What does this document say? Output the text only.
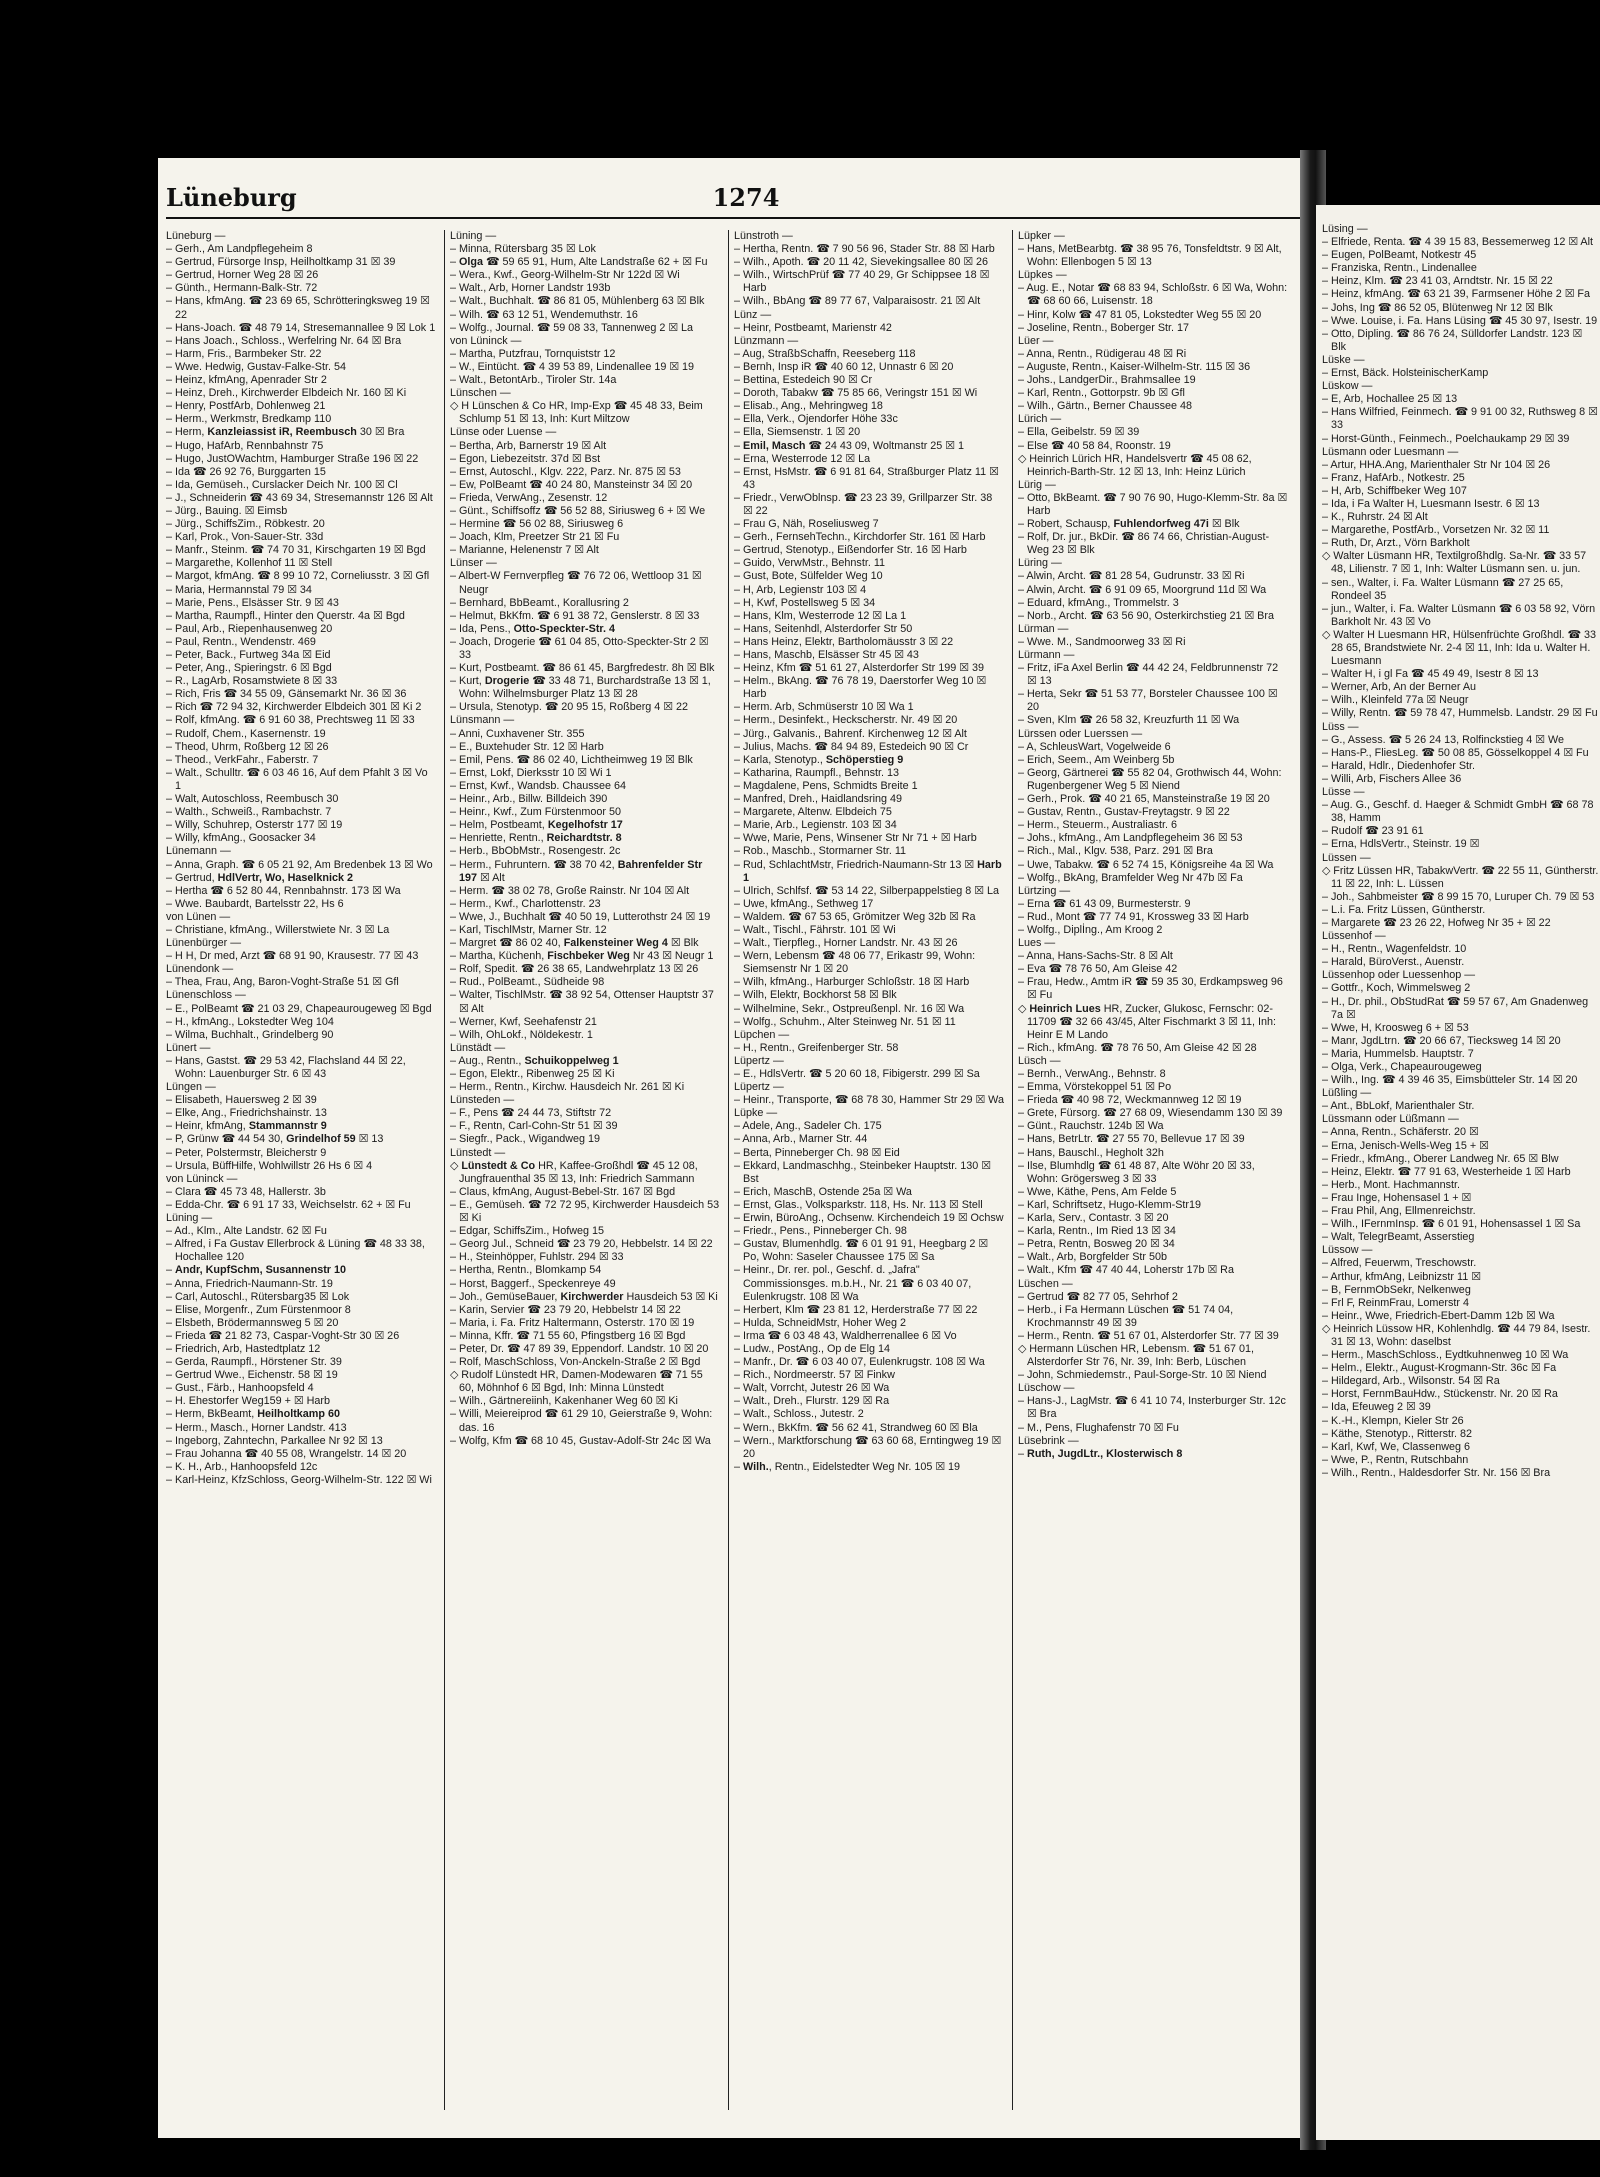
Lüneburg	1274

Lüneburg —

– Gerh., Am Landpflegeheim 8

– Gertrud, Fürsorge Insp, Heilholtkamp 31 ☒ 39

– Gertrud, Horner Weg 28 ☒ 26

– Günth., Hermann-Balk-Str. 72

– Hans, kfmAng. ☎ 23 69 65, Schrötteringksweg 19 ☒ 22

– Hans-Joach. ☎ 48 79 14, Stresemannallee 9 ☒ Lok 1

– Hans Joach., Schloss., Werfelring Nr. 64 ☒ Bra

– Harm, Fris., Barmbeker Str. 22

– Wwe. Hedwig, Gustav-Falke-Str. 54

– Heinz, kfmAng, Apenrader Str 2

– Heinz, Dreh., Kirchwerder Elbdeich Nr. 160 ☒ Ki

– Henry, PostfArb, Dohlenweg 21

– Herm., Werkmstr, Bredkamp 110

– Herm, Kanzleiassist iR, Reembusch 30 ☒ Bra

– Hugo, HafArb, Rennbahnstr 75

– Hugo, JustOWachtm, Hamburger Straße 196 ☒ 22

– Ida ☎ 26 92 76, Burggarten 15

– Ida, Gemüseh., Curslacker Deich Nr. 100 ☒ Cl

– J., Schneiderin ☎ 43 69 34, Stresemannstr 126 ☒ Alt

– Jürg., Bauing. ☒ Eimsb

– Jürg., SchiffsZim., Röbkestr. 20

– Karl, Prok., Von-Sauer-Str. 33d

– Manfr., Steinm. ☎ 74 70 31, Kirschgarten 19 ☒ Bgd

– Margarethe, Kollenhof 11 ☒ Stell

– Margot, kfmAng. ☎ 8 99 10 72, Corneliusstr. 3 ☒ Gfl

– Maria, Hermannstal 79 ☒ 34

– Marie, Pens., Elsässer Str. 9 ☒ 43

– Martha, Raumpfl., Hinter den Querstr. 4a ☒ Bgd

– Paul, Arb., Riepenhausenweg 20

– Paul, Rentn., Wendenstr. 469

– Peter, Back., Furtweg 34a ☒ Eid

– Peter, Ang., Spieringstr. 6 ☒ Bgd

– R., LagArb, Rosamstwiete 8 ☒ 33

– Rich, Fris ☎ 34 55 09, Gänsemarkt Nr. 36 ☒ 36

– Rich ☎ 72 94 32, Kirchwerder Elbdeich 301 ☒ Ki 2

– Rolf, kfmAng. ☎ 6 91 60 38, Prechtsweg 11 ☒ 33

– Rudolf, Chem., Kasernenstr. 19

– Theod, Uhrm, Roßberg 12 ☒ 26

– Theod., VerkFahr., Faberstr. 7

– Walt., Schulltr. ☎ 6 03 46 16, Auf dem Pfahlt 3 ☒ Vo 1

– Walt, Autoschloss, Reembusch 30

– Walth., Schweiß., Rambachstr. 7

– Willy, Schuhrep, Osterstr 177 ☒ 19

– Willy, kfmAng., Goosacker 34

Lünemann —

– Anna, Graph. ☎ 6 05 21 92, Am Bredenbek 13 ☒ Wo

– Gertrud, HdlVertr, Wo, Haselknick 2

– Hertha ☎ 6 52 80 44, Rennbahnstr. 173 ☒ Wa

– Wwe. Baubardt, Bartelsstr 22, Hs 6

von Lünen —

– Christiane, kfmAng., Willerstwiete Nr. 3 ☒ La

Lünenbürger —

– H H, Dr med, Arzt ☎ 68 91 90, Krausestr. 77 ☒ 43

Lünendonk —

– Thea, Frau, Ang, Baron-Voght-Straße 51 ☒ Gfl

Lünenschloss —

– E., PolBeamt ☎ 21 03 29, Chapeaurougeweg ☒ Bgd

– H., kfmAng., Lokstedter Weg 104

– Wilma, Buchhalt., Grindelberg 90

Lünert —

– Hans, Gastst. ☎ 29 53 42, Flachsland 44 ☒ 22, Wohn: Lauenburger Str. 6 ☒ 43

Lüngen —

– Elisabeth, Hauersweg 2 ☒ 39

– Elke, Ang., Friedrichshainstr. 13

– Heinr, kfmAng, Stammannstr 9

– P, Grünw ☎ 44 54 30, Grindelhof 59 ☒ 13

– Peter, Polstermstr, Bleicherstr 9

– Ursula, BüffHilfe, Wohlwillstr 26 Hs 6 ☒ 4

von Lüninck —

– Clara ☎ 45 73 48, Hallerstr. 3b

– Edda-Chr. ☎ 6 91 17 33, Weichselstr. 62 + ☒ Fu

Lüning —

– Ad., Klm., Alte Landstr. 62 ☒ Fu

– Alfred, i Fa Gustav Ellerbrock & Lüning ☎ 48 33 38, Hochallee 120

– Andr, KupfSchm, Susannenstr 10

– Anna, Friedrich-Naumann-Str. 19

– Carl, Autoschl., Rütersbarg35 ☒ Lok

– Elise, Morgenfr., Zum Fürstenmoor 8

– Elsbeth, Brödermannsweg 5 ☒ 20

– Frieda ☎ 21 82 73, Caspar-Voght-Str 30 ☒ 26

– Friedrich, Arb, Hastedtplatz 12

– Gerda, Raumpfl., Hörstener Str. 39

– Gertrud Wwe., Eichenstr. 58 ☒ 19

– Gust., Färb., Hanhoopsfeld 4

– H. Ehestorfer Weg159 + ☒ Harb

– Herm, BkBeamt, Heilholtkamp 60

– Herm., Masch., Horner Landstr. 413

– Ingeborg, Zahntechn, Parkallee Nr 92 ☒ 13

– Frau Johanna ☎ 40 55 08, Wrangelstr. 14 ☒ 20

– K. H., Arb., Hanhoopsfeld 12c

– Karl-Heinz, KfzSchloss, Georg-Wilhelm-Str. 122 ☒ Wi

Lüning —

– Minna, Rütersbarg 35 ☒ Lok

– Olga ☎ 59 65 91, Hum, Alte Landstraße 62 + ☒ Fu

– Wera., Kwf., Georg-Wilhelm-Str Nr 122d ☒ Wi

– Walt., Arb, Horner Landstr 193b

– Walt., Buchhalt. ☎ 86 81 05, Mühlenberg 63 ☒ Blk

– Wilh. ☎ 63 12 51, Wendemuthstr. 16

– Wolfg., Journal. ☎ 59 08 33, Tannenweg 2 ☒ La

von Lüninck —

– Martha, Putzfrau, Tornquiststr 12

– W., Eintücht. ☎ 4 39 53 89, Lindenallee 19 ☒ 19

– Walt., BetontArb., Tiroler Str. 14a

Lünschen —

◇ H Lünschen & Co HR, Imp-Exp ☎ 45 48 33, Beim Schlump 51 ☒ 13, Inh: Kurt Miltzow

Lünse oder Luense —

– Bertha, Arb, Barnerstr 19 ☒ Alt

– Egon, Liebezeitstr. 37d ☒ Bst

– Ernst, Autoschl., Klgv. 222, Parz. Nr. 875 ☒ 53

– Ew, PolBeamt ☎ 40 24 80, Mansteinstr 34 ☒ 20

– Frieda, VerwAng., Zesenstr. 12

– Günt., Schiffsoffz ☎ 56 52 88, Siriusweg 6 + ☒ We

– Hermine ☎ 56 02 88, Siriusweg 6

– Joach, Klm, Preetzer Str 21 ☒ Fu

– Marianne, Helenenstr 7 ☒ Alt

Lünser —

– Albert-W Fernverpfleg ☎ 76 72 06, Wettloop 31 ☒ Neugr

– Bernhard, BbBeamt., Korallusring 2

– Helmut, BkKfm. ☎ 6 91 38 72, Genslerstr. 8 ☒ 33

– Ida, Pens., Otto-Speckter-Str. 4

– Joach, Drogerie ☎ 61 04 85, Otto-Speckter-Str 2 ☒ 33

– Kurt, Postbeamt. ☎ 86 61 45, Bargfredestr. 8h ☒ Blk

– Kurt, Drogerie ☎ 33 48 71, Burchardstraße 13 ☒ 1, Wohn: Wilhelmsburger Platz 13 ☒ 28

– Ursula, Stenotyp. ☎ 20 95 15, Roßberg 4 ☒ 22

Lünsmann —

– Anni, Cuxhavener Str. 355

– E., Buxtehuder Str. 12 ☒ Harb

– Emil, Pens. ☎ 86 02 40, Lichtheimweg 19 ☒ Blk

– Ernst, Lokf, Dierksstr 10 ☒ Wi 1

– Ernst, Kwf., Wandsb. Chaussee 64

– Heinr., Arb., Billw. Billdeich 390

– Heinr., Kwf., Zum Fürstenmoor 50

– Helm, Postbeamt, Kegelhofstr 17

– Henriette, Rentn., Reichardtstr. 8

– Herb., BbObMstr., Rosengestr. 2c

– Herm., Fuhruntern. ☎ 38 70 42, Bahrenfelder Str 197 ☒ Alt

– Herm. ☎ 38 02 78, Große Rainstr. Nr 104 ☒ Alt

– Herm., Kwf., Charlottenstr. 23

– Wwe, J., Buchhalt ☎ 40 50 19, Lutterothstr 24 ☒ 19

– Karl, TischlMstr, Marner Str. 12

– Margret ☎ 86 02 40, Falkensteiner Weg 4 ☒ Blk

– Martha, Küchenh, Fischbeker Weg Nr 43 ☒ Neugr 1

– Rolf, Spedit. ☎ 26 38 65, Landwehrplatz 13 ☒ 26

– Rud., PolBeamt., Südheide 98

– Walter, TischlMstr. ☎ 38 92 54, Ottenser Hauptstr 37 ☒ Alt

– Werner, Kwf, Seehafenstr 21

– Wilh, OhLokf., Nöldekestr. 1

Lünstädt —

– Aug., Rentn., Schuikoppelweg 1

– Egon, Elektr., Ribenweg 25 ☒ Ki

– Herm., Rentn., Kirchw. Hausdeich Nr. 261 ☒ Ki

Lünsteden —

– F., Pens ☎ 24 44 73, Stiftstr 72

– F., Rentn, Carl-Cohn-Str 51 ☒ 39

– Siegfr., Pack., Wigandweg 19

Lünstedt —

◇ Lünstedt & Co HR, Kaffee-Großhdl ☎ 45 12 08, Jungfrauenthal 35 ☒ 13, Inh: Friedrich Sammann

– Claus, kfmAng, August-Bebel-Str. 167 ☒ Bgd

– E., Gemüseh. ☎ 72 72 95, Kirchwerder Hausdeich 53 ☒ Ki

– Edgar, SchiffsZim., Hofweg 15

– Georg Jul., Schneid ☎ 23 79 20, Hebbelstr. 14 ☒ 22

– H., Steinhöpper, Fuhlstr. 294 ☒ 33

– Hertha, Rentn., Blomkamp 54

– Horst, Baggerf., Speckenreye 49

– Joh., GemüseBauer, Kirchwerder Hausdeich 53 ☒ Ki

– Karin, Servier ☎ 23 79 20, Hebbelstr 14 ☒ 22

– Maria, i. Fa. Fritz Haltermann, Osterstr. 170 ☒ 19

– Minna, Kffr. ☎ 71 55 60, Pfingstberg 16 ☒ Bgd

– Peter, Dr. ☎ 47 89 39, Eppendorf. Landstr. 10 ☒ 20

– Rolf, MaschSchloss, Von-Anckeln-Straße 2 ☒ Bgd

◇ Rudolf Lünstedt HR, Damen-Modewaren ☎ 71 55 60, Möhnhof 6 ☒ Bgd, Inh: Minna Lünstedt

– Wilh., Gärtnereiinh, Kakenhaner Weg 60 ☒ Ki

– Willi, Meiereiprod ☎ 61 29 10, Geierstraße 9, Wohn: das. 16

– Wolfg, Kfm ☎ 68 10 45, Gustav-Adolf-Str 24c ☒ Wa

Lünstroth —

– Hertha, Rentn. ☎ 7 90 56 96, Stader Str. 88 ☒ Harb

– Wilh., Apoth. ☎ 20 11 42, Sievekingsallee 80 ☒ 26

– Wilh., WirtschPrüf ☎ 77 40 29, Gr Schippsee 18 ☒ Harb

– Wilh., BbAng ☎ 89 77 67, Valparaisostr. 21 ☒ Alt

Lünz —

– Heinr, Postbeamt, Marienstr 42

Lünzmann —

– Aug, StraßbSchaffn, Reeseberg 118

– Bernh, Insp iR ☎ 40 60 12, Unnastr 6 ☒ 20

– Bettina, Estedeich 90 ☒ Cr

– Doroth, Tabakw ☎ 75 85 66, Veringstr 151 ☒ Wi

– Elisab., Ang., Mehringweg 18

– Ella, Verk., Ojendorfer Höhe 33c

– Ella, Siemsenstr. 1 ☒ 20

– Emil, Masch ☎ 24 43 09, Woltmanstr 25 ☒ 1

– Erna, Westerrode 12 ☒ La

– Ernst, HsMstr. ☎ 6 91 81 64, Straßburger Platz 11 ☒ 43

– Friedr., VerwOblnsp. ☎ 23 23 39, Grillparzer Str. 38 ☒ 22

– Frau G, Näh, Roseliusweg 7

– Gerh., FernsehTechn., Kirchdorfer Str. 161 ☒ Harb

– Gertrud, Stenotyp., Eißendorfer Str. 16 ☒ Harb

– Guido, VerwMstr., Behnstr. 11

– Gust, Bote, Sülfelder Weg 10

– H, Arb, Legienstr 103 ☒ 4

– H, Kwf, Postellsweg 5 ☒ 34

– Hans, Klm, Westerrode 12 ☒ La 1

– Hans, Seitenhdl, Alsterdorfer Str 50

– Hans Heinz, Elektr, Bartholomäusstr 3 ☒ 22

– Hans, Maschb, Elsässer Str 45 ☒ 43

– Heinz, Kfm ☎ 51 61 27, Alsterdorfer Str 199 ☒ 39

– Helm., BkAng. ☎ 76 78 19, Daerstorfer Weg 10 ☒ Harb

– Herm. Arb, Schmüserstr 10 ☒ Wa 1

– Herm., Desinfekt., Heckscherstr. Nr. 49 ☒ 20

– Jürg., Galvanis., Bahrenf. Kirchenweg 12 ☒ Alt

– Julius, Machs. ☎ 84 94 89, Estedeich 90 ☒ Cr

– Karla, Stenotyp., Schöperstieg 9

– Katharina, Raumpfl., Behnstr. 13

– Magdalene, Pens, Schmidts Breite 1

– Manfred, Dreh., Haidlandsring 49

– Margarete, Altenw. Elbdeich 75

– Marie, Arb., Legienstr. 103 ☒ 34

– Wwe, Marie, Pens, Winsener Str Nr 71 + ☒ Harb

– Rob., Maschb., Stormarner Str. 11

– Rud, SchlachtMstr, Friedrich-Naumann-Str 13 ☒ Harb 1

– Ulrich, Schlfsf. ☎ 53 14 22, Silberpappelstieg 8 ☒ La

– Uwe, kfmAng., Sethweg 17

– Waldem. ☎ 67 53 65, Grömitzer Weg 32b ☒ Ra

– Walt., Tischl., Fährstr. 101 ☒ Wi

– Walt., Tierpfleg., Horner Landstr. Nr. 43 ☒ 26

– Wern, Lebensm ☎ 48 06 77, Erikastr 99, Wohn: Siemsenstr Nr 1 ☒ 20

– Wilh, kfmAng., Harburger Schloßstr. 18 ☒ Harb

– Wilh, Elektr, Bockhorst 58 ☒ Blk

– Wilhelmine, Sekr., Ostpreußenpl. Nr. 16 ☒ Wa

– Wolfg., Schuhm., Alter Steinweg Nr. 51 ☒ 11

Lüpchen —

– H., Rentn., Greifenberger Str. 58

Lüpertz —

– E., HdlsVertr. ☎ 5 20 60 18, Fibigerstr. 299 ☒ Sa

Lüpertz —

– Heinr., Transporte, ☎ 68 78 30, Hammer Str 29 ☒ Wa

Lüpke —

– Adele, Ang., Sadeler Ch. 175

– Anna, Arb., Marner Str. 44

– Berta, Pinneberger Ch. 98 ☒ Eid

– Ekkard, Landmaschhg., Steinbeker Hauptstr. 130 ☒ Bst

– Erich, MaschB, Ostende 25a ☒ Wa

– Ernst, Glas., Volksparkstr. 118, Hs. Nr. 113 ☒ Stell

– Erwin, BüroAng., Ochsenw. Kirchendeich 19 ☒ Ochsw

– Friedr., Pens., Pinneberger Ch. 98

– Gustav, Blumenhdlg. ☎ 6 01 91 91, Heegbarg 2 ☒ Po, Wohn: Saseler Chaussee 175 ☒ Sa

– Heinr., Dr. rer. pol., Geschf. d. „Jafra" Commissionsges. m.b.H., Nr. 21 ☎ 6 03 40 07, Eulenkrugstr. 108 ☒ Wa

– Herbert, Klm ☎ 23 81 12, Herderstraße 77 ☒ 22

– Hulda, SchneidMstr, Hoher Weg 2

– Irma ☎ 6 03 48 43, Waldherrenallee 6 ☒ Vo

– Ludw., PostAng., Op de Elg 14

– Manfr., Dr. ☎ 6 03 40 07, Eulenkrugstr. 108 ☒ Wa

– Rich., Nordmeerstr. 57 ☒ Finkw

– Walt, Vorrcht, Jutestr 26 ☒ Wa

– Walt., Dreh., Flurstr. 129 ☒ Ra

– Walt., Schloss., Jutestr. 2

– Wern., BkKfm. ☎ 56 62 41, Strandweg 60 ☒ Bla

– Wern., Marktforschung ☎ 63 60 68, Erntingweg 19 ☒ 20

– Wilh., Rentn., Eidelstedter Weg Nr. 105 ☒ 19

Lüpker —

– Hans, MetBearbtg. ☎ 38 95 76, Tonsfeldtstr. 9 ☒ Alt, Wohn: Ellenbogen 5 ☒ 13

Lüpkes —

– Aug. E., Notar ☎ 68 83 94, Schloßstr. 6 ☒ Wa, Wohn: ☎ 68 60 66, Luisenstr. 18

– Hinr, Kolw ☎ 47 81 05, Lokstedter Weg 55 ☒ 20

– Joseline, Rentn., Boberger Str. 17

Lüer —

– Anna, Rentn., Rüdigerau 48 ☒ Ri

– Auguste, Rentn., Kaiser-Wilhelm-Str. 115 ☒ 36

– Johs., LandgerDir., Brahmsallee 19

– Karl, Rentn., Gottorpstr. 9b ☒ Gfl

– Wilh., Gärtn., Berner Chaussee 48

Lürich —

– Ella, Geibelstr. 59 ☒ 39

– Else ☎ 40 58 84, Roonstr. 19

◇ Heinrich Lürich HR, Handelsvertr ☎ 45 08 62, Heinrich-Barth-Str. 12 ☒ 13, Inh: Heinz Lürich

Lürig —

– Otto, BkBeamt. ☎ 7 90 76 90, Hugo-Klemm-Str. 8a ☒ Harb

– Robert, Schausp, Fuhlendorfweg 47i ☒ Blk

– Rolf, Dr. jur., BkDir. ☎ 86 74 66, Christian-August-Weg 23 ☒ Blk

Lüring —

– Alwin, Archt. ☎ 81 28 54, Gudrunstr. 33 ☒ Ri

– Alwin, Archt. ☎ 6 91 09 65, Moorgrund 11d ☒ Wa

– Eduard, kfmAng., Trommelstr. 3

– Norb., Archt. ☎ 63 56 90, Osterkirchstieg 21 ☒ Bra

Lürman —

– Wwe. M., Sandmoorweg 33 ☒ Ri

Lürmann —

– Fritz, iFa Axel Berlin ☎ 44 42 24, Feldbrunnenstr 72 ☒ 13

– Herta, Sekr ☎ 51 53 77, Borsteler Chaussee 100 ☒ 20

– Sven, Klm ☎ 26 58 32, Kreuzfurth 11 ☒ Wa

Lürssen oder Luerssen —

– A, SchleusWart, Vogelweide 6

– Erich, Seem., Am Weinberg 5b

– Georg, Gärtnerei ☎ 55 82 04, Grothwisch 44, Wohn: Rugenbergener Weg 5 ☒ Niend

– Gerh., Prok. ☎ 40 21 65, Mansteinstraße 19 ☒ 20

– Gustav, Rentn., Gustav-Freytagstr. 9 ☒ 22

– Herm., Steuerm., Australiastr. 6

– Johs., kfmAng., Am Landpflegeheim 36 ☒ 53

– Rich., Mal., Klgv. 538, Parz. 291 ☒ Bra

– Uwe, Tabakw. ☎ 6 52 74 15, Königsreihe 4a ☒ Wa

– Wolfg., BkAng, Bramfelder Weg Nr 47b ☒ Fa

Lürtzing —

– Erna ☎ 61 43 09, Burmesterstr. 9

– Rud., Mont ☎ 77 74 91, Krossweg 33 ☒ Harb

– Wolfg., Diplİng., Am Kroog 2

Lues —

– Anna, Hans-Sachs-Str. 8 ☒ Alt

– Eva ☎ 78 76 50, Am Gleise 42

– Frau, Hedw., Amtm iR ☎ 59 35 30, Erdkampsweg 96 ☒ Fu

◇ Heinrich Lues HR, Zucker, Glukosc, Fernschr: 02-11709 ☎ 32 66 43/45, Alter Fischmarkt 3 ☒ 11, Inh: Heinr E M Lando

– Rich., kfmAng. ☎ 78 76 50, Am Gleise 42 ☒ 28

Lüsch —

– Bernh., VerwAng., Behnstr. 8

– Emma, Vörstekoppel 51 ☒ Po

– Frieda ☎ 40 98 72, Weckmannweg 12 ☒ 19

– Grete, Fürsorg. ☎ 27 68 09, Wiesendamm 130 ☒ 39

– Günt., Rauchstr. 124b ☒ Wa

– Hans, BetrLtr. ☎ 27 55 70, Bellevue 17 ☒ 39

– Hans, Bauschl., Hegholt 32h

– Ilse, Blumhdlg ☎ 61 48 87, Alte Wöhr 20 ☒ 33, Wohn: Grögersweg 3 ☒ 33

– Wwe, Käthe, Pens, Am Felde 5

– Karl, Schriftsetz, Hugo-Klemm-Str19

– Karla, Serv., Contastr. 3 ☒ 20

– Karla, Rentn., Im Ried 13 ☒ 34

– Petra, Rentn, Bosweg 20 ☒ 34

– Walt., Arb, Borgfelder Str 50b

– Walt., Kfm ☎ 47 40 44, Loherstr 17b ☒ Ra

Lüschen —

– Gertrud ☎ 82 77 05, Sehrhof 2

– Herb., i Fa Hermann Lüschen ☎ 51 74 04, Krochmannstr 49 ☒ 39

– Herm., Rentn. ☎ 51 67 01, Alsterdorfer Str. 77 ☒ 39

◇ Hermann Lüschen HR, Lebensm. ☎ 51 67 01, Alsterdorfer Str 76, Nr. 39, Inh: Berb, Lüschen

– John, Schmiedemstr., Paul-Sorge-Str. 10 ☒ Niend

Lüschow —

– Hans-J., LagMstr. ☎ 6 41 10 74, Insterburger Str. 12c ☒ Bra

– M., Pens, Flughafenstr 70 ☒ Fu

Lüsebrink —

– Ruth, JugdLtr., Klosterwisch 8

Lüsing —

– Elfriede, Renta. ☎ 4 39 15 83, Bessemerweg 12 ☒ Alt

– Eugen, PolBeamt, Notkestr 45

– Franziska, Rentn., Lindenallee

– Heinz, Klm. ☎ 23 41 03, Arndtstr. Nr. 15 ☒ 22

– Heinz, kfmAng. ☎ 63 21 39, Farmsener Höhe 2 ☒ Fa

– Johs, Ing ☎ 86 52 05, Blütenweg Nr 12 ☒ Blk

– Wwe. Louise, i. Fa. Hans Lüsing ☎ 45 30 97, Isestr. 19

– Otto, Dipling. ☎ 86 76 24, Sülldorfer Landstr. 123 ☒ Blk

Lüske —

– Ernst, Bäck. HolsteinischerKamp

Lüskow —

– E, Arb, Hochallee 25 ☒ 13

– Hans Wilfried, Feinmech. ☎ 9 91 00 32, Ruthsweg 8 ☒ 33

– Horst-Günth., Feinmech., Poelchaukamp 29 ☒ 39

Lüsmann oder Luesmann —

– Artur, HHA.Ang, Marienthaler Str Nr 104 ☒ 26

– Franz, HafArb., Notkestr. 25

– H, Arb, Schiffbeker Weg 107

– Ida, i Fa Walter H, Luesmann Isestr. 6 ☒ 13

– K., Ruhrstr. 24 ☒ Alt

– Margarethe, PostfArb., Vorsetzen Nr. 32 ☒ 11

– Ruth, Dr, Arzt., Vörn Barkholt

◇ Walter Lüsmann HR, Textilgroßhdlg. Sa-Nr. ☎ 33 57 48, Lilienstr. 7 ☒ 1, Inh: Walter Lüsmann sen. u. jun.

– sen., Walter, i. Fa. Walter Lüsmann ☎ 27 25 65, Rondeel 35

– jun., Walter, i. Fa. Walter Lüsmann ☎ 6 03 58 92, Vörn Barkholt Nr. 43 ☒ Vo

◇ Walter H Luesmann HR, Hülsenfrüchte Großhdl. ☎ 33 28 65, Brandstwiete Nr. 2-4 ☒ 11, Inh: Ida u. Walter H. Luesmann

– Walter H, i gl Fa ☎ 45 49 49, Isestr 8 ☒ 13

– Werner, Arb, An der Berner Au

– Wilh., Kleinfeld 77a ☒ Neugr

– Willy, Rentn. ☎ 59 78 47, Hummelsb. Landstr. 29 ☒ Fu

Lüss —

– G., Assess. ☎ 5 26 24 13, Rolfinckstieg 4 ☒ We

– Hans-P., FliesLeg. ☎ 50 08 85, Gösselkoppel 4 ☒ Fu

– Harald, Hdlr., Diedenhofer Str.

– Willi, Arb, Fischers Allee 36

Lüsse —

– Aug. G., Geschf. d. Haeger & Schmidt GmbH ☎ 68 78 38, Hamm

– Rudolf ☎ 23 91 61

– Erna, HdlsVertr., Steinstr. 19 ☒

Lüssen —

◇ Fritz Lüssen HR, TabakwVertr. ☎ 22 55 11, Güntherstr. 11 ☒ 22, Inh: L. Lüssen

– Joh., Sahbmeister ☎ 8 99 15 70, Luruper Ch. 79 ☒ 53

– L.i. Fa. Fritz Lüssen, Güntherstr.

– Margarete ☎ 23 26 22, Hofweg Nr 35 + ☒ 22

Lüssenhof —

– H., Rentn., Wagenfeldstr. 10

– Harald, BüroVerst., Auenstr.

Lüssenhop oder Luessenhop —

– Gottfr., Koch, Wimmelsweg 2

– H., Dr. phil., ObStudRat ☎ 59 57 67, Am Gnadenweg 7a ☒

– Wwe, H, Kroosweg 6 + ☒ 53

– Manr, JgdLtrn. ☎ 20 66 67, Tiecksweg 14 ☒ 20

– Maria, Hummelsb. Hauptstr. 7

– Olga, Verk., Chapeaurougeweg

– Wilh., Ing. ☎ 4 39 46 35, Eimsbütteler Str. 14 ☒ 20

Lüßling —

– Ant., BbLokf, Marienthaler Str.

Lüssmann oder Lüßmann —

– Anna, Rentn., Schäferstr. 20 ☒

– Erna, Jenisch-Wells-Weg 15 + ☒

– Friedr., kfmAng., Oberer Landweg Nr. 65 ☒ Blw

– Heinz, Elektr. ☎ 77 91 63, Westerheide 1 ☒ Harb

– Herb., Mont. Hachmannstr.

– Frau Inge, Hohensasel 1 + ☒

– Frau Phil, Ang, Ellmenreichstr.

– Wilh., IFernmInsp. ☎ 6 01 91, Hohensassel 1 ☒ Sa

– Walt, TelegrBeamt, Asserstieg

Lüssow —

– Alfred, Feuerwm, Treschowstr.

– Arthur, kfmAng, Leibnizstr 11 ☒

– B, FernmObSekr, Nelkenweg

– Frl F, ReinmFrau, Lomerstr 4

– Heinr., Wwe, Friedrich-Ebert-Damm 12b ☒ Wa

◇ Heinrich Lüssow HR, Kohlenhdlg. ☎ 44 79 84, Isestr. 31 ☒ 13, Wohn: daselbst

– Herm., MaschSchloss., Eydtkuhnenweg 10 ☒ Wa

– Helm., Elektr., August-Krogmann-Str. 36c ☒ Fa

– Hildegard, Arb., Wilsonstr. 54 ☒ Ra

– Horst, FernmBauHdw., Stückenstr. Nr. 20 ☒ Ra

– Ida, Efeuweg 2 ☒ 39

– K.-H., Klempn, Kieler Str 26

– Käthe, Stenotyp., Ritterstr. 82

– Karl, Kwf, We, Classenweg 6

– Wwe, P., Rentn, Rutschbahn

– Wilh., Rentn., Haldesdorfer Str. Nr. 156 ☒ Bra
